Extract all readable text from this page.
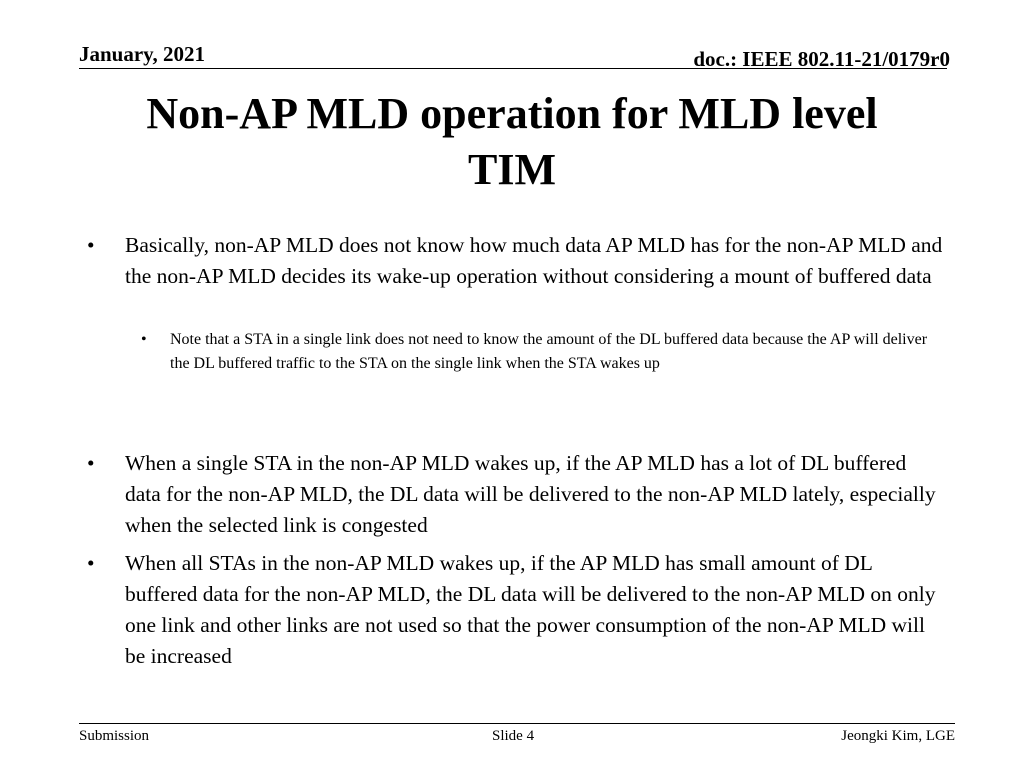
January, 2021	doc.: IEEE 802.11-21/0179r0
Non-AP MLD operation for MLD level
TIM
• Basically, non-AP MLD does not know how much data AP MLD has for the non-AP MLD and the non-AP MLD decides its wake-up operation without considering a mount of buffered data
• Note that a STA in a single link does not need to know the amount of the DL buffered data because the AP will deliver the DL buffered traffic to the STA on the single link when the STA wakes up
• When a single STA in the non-AP MLD wakes up, if the AP MLD has a lot of DL buffered data for the non-AP MLD, the DL data will be delivered to the non-AP MLD lately, especially when the selected link is congested
• When all STAs in the non-AP MLD wakes up, if the AP MLD has small amount of DL buffered data for the non-AP MLD, the DL data will be delivered to the non-AP MLD on only one link and other links are not used so that the power consumption of the non-AP MLD will be increased
Submission	Slide 4	Jeongki Kim, LGE
